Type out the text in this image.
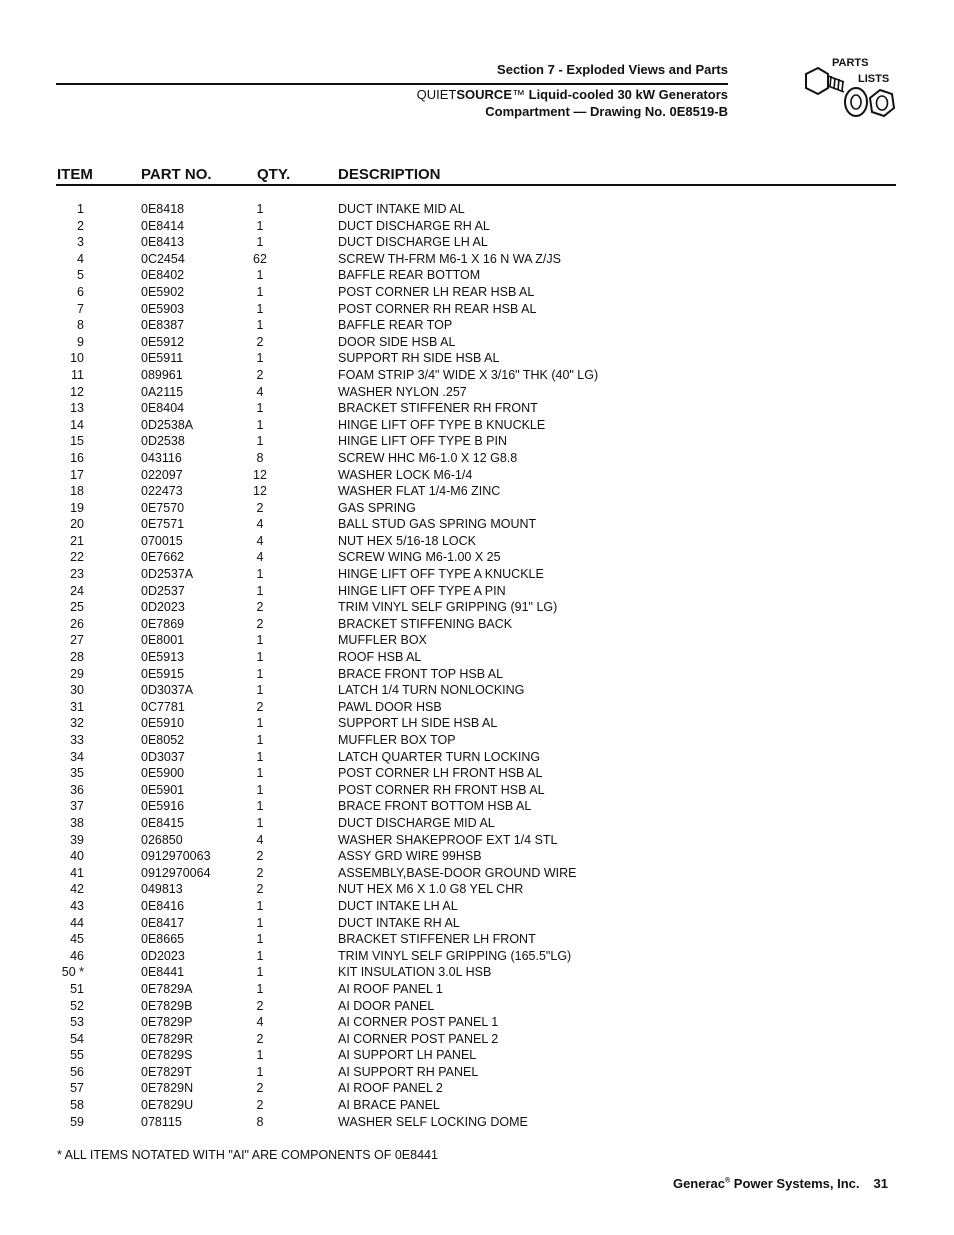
Section 7 - Exploded Views and Parts
QUIETSOURCE™ Liquid-cooled 30 kW Generators
Compartment — Drawing No. 0E8519-B
PARTS
LISTS
ITEM	PART NO.	QTY.	DESCRIPTION
1	0E8418	1	DUCT INTAKE MID AL
2	0E8414	1	DUCT DISCHARGE RH AL
3	0E8413	1	DUCT DISCHARGE LH AL
4	0C2454	62	SCREW TH-FRM M6-1 X 16 N WA Z/JS
5	0E8402	1	BAFFLE REAR BOTTOM
6	0E5902	1	POST CORNER LH REAR HSB AL
7	0E5903	1	POST CORNER RH REAR HSB AL
8	0E8387	1	BAFFLE REAR TOP
9	0E5912	2	DOOR SIDE HSB AL
10	0E5911	1	SUPPORT RH SIDE HSB AL
11	089961	2	FOAM STRIP 3/4" WIDE X 3/16" THK (40" LG)
12	0A2115	4	WASHER NYLON .257
13	0E8404	1	BRACKET STIFFENER RH FRONT
14	0D2538A	1	HINGE LIFT OFF TYPE B KNUCKLE
15	0D2538	1	HINGE LIFT OFF TYPE B PIN
16	043116	8	SCREW HHC M6-1.0 X 12 G8.8
17	022097	12	WASHER LOCK M6-1/4
18	022473	12	WASHER FLAT 1/4-M6 ZINC
19	0E7570	2	GAS SPRING
20	0E7571	4	BALL STUD GAS SPRING MOUNT
21	070015	4	NUT HEX 5/16-18 LOCK
22	0E7662	4	SCREW WING M6-1.00 X 25
23	0D2537A	1	HINGE LIFT OFF TYPE A KNUCKLE
24	0D2537	1	HINGE LIFT OFF TYPE A PIN
25	0D2023	2	TRIM VINYL SELF GRIPPING (91" LG)
26	0E7869	2	BRACKET STIFFENING BACK
27	0E8001	1	MUFFLER BOX
28	0E5913	1	ROOF HSB AL
29	0E5915	1	BRACE FRONT TOP HSB AL
30	0D3037A	1	LATCH 1/4 TURN NONLOCKING
31	0C7781	2	PAWL DOOR HSB
32	0E5910	1	SUPPORT LH SIDE HSB AL
33	0E8052	1	MUFFLER BOX TOP
34	0D3037	1	LATCH QUARTER TURN LOCKING
35	0E5900	1	POST CORNER LH FRONT HSB AL
36	0E5901	1	POST CORNER RH FRONT HSB AL
37	0E5916	1	BRACE FRONT BOTTOM HSB AL
38	0E8415	1	DUCT DISCHARGE MID AL
39	026850	4	WASHER SHAKEPROOF EXT 1/4 STL
40	0912970063	2	ASSY GRD WIRE 99HSB
41	0912970064	2	ASSEMBLY,BASE-DOOR GROUND WIRE
42	049813	2	NUT HEX M6 X 1.0 G8 YEL CHR
43	0E8416	1	DUCT INTAKE LH AL
44	0E8417	1	DUCT INTAKE RH AL
45	0E8665	1	BRACKET STIFFENER LH FRONT
46	0D2023	1	TRIM VINYL SELF GRIPPING (165.5"LG)
50 *	0E8441	1	KIT INSULATION 3.0L HSB
51	0E7829A	1	AI ROOF PANEL 1
52	0E7829B	2	AI DOOR PANEL
53	0E7829P	4	AI CORNER POST PANEL 1
54	0E7829R	2	AI CORNER POST PANEL 2
55	0E7829S	1	AI SUPPORT LH PANEL
56	0E7829T	1	AI SUPPORT RH PANEL
57	0E7829N	2	AI ROOF PANEL 2
58	0E7829U	2	AI BRACE PANEL
59	078115	8	WASHER SELF LOCKING DOME
* ALL ITEMS NOTATED WITH "AI" ARE COMPONENTS OF 0E8441
Generac® Power Systems, Inc. 31
